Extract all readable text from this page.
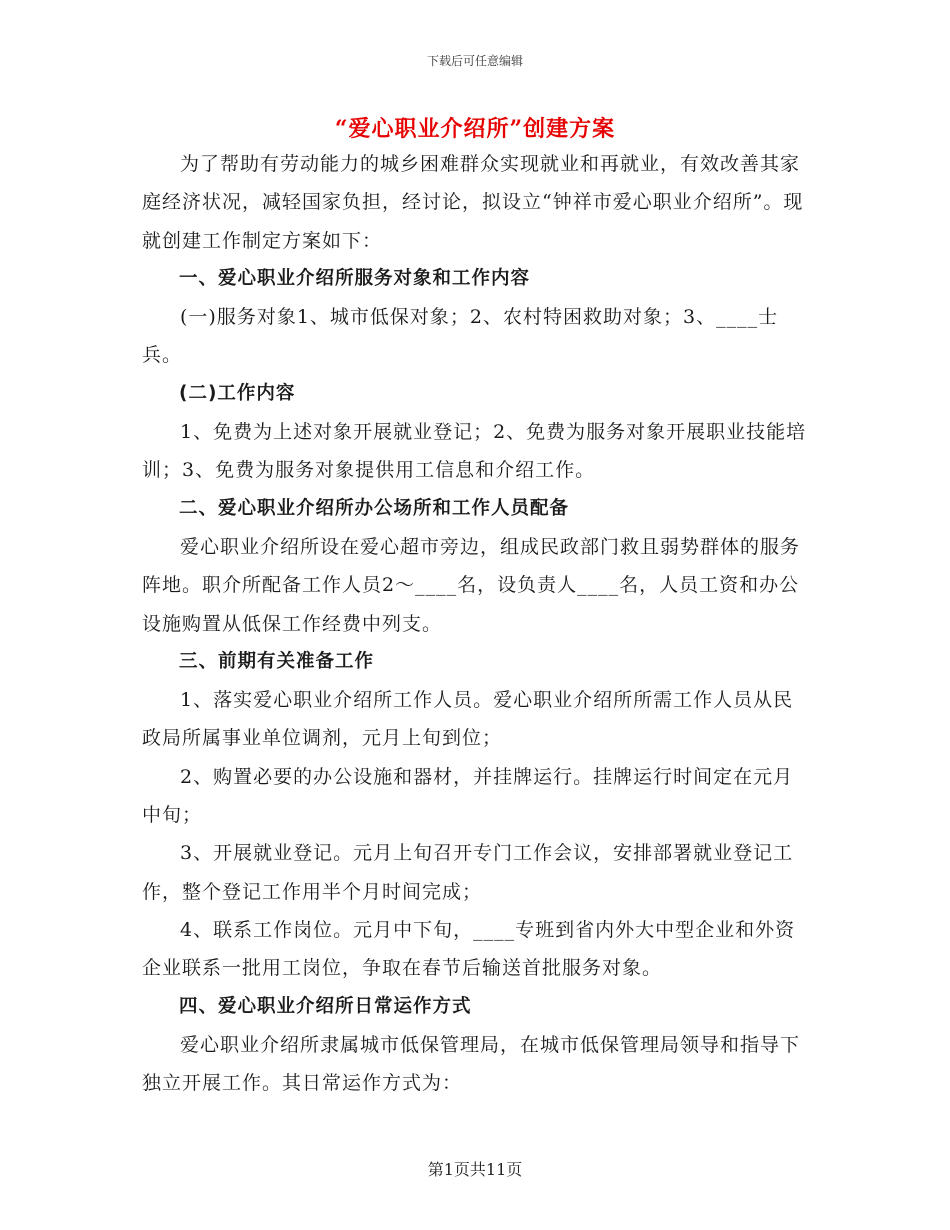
下载后可任意编辑
“爱心职业介绍所”创建方案

为了帮助有劳动能力的城乡困难群众实现就业和再就业，有效改善其家庭经济状况，减轻国家负担，经讨论，拟设立“钟祥市爱心职业介绍所”。现就创建工作制定方案如下：

一、爱心职业介绍所服务对象和工作内容

(一)服务对象1、城市低保对象；2、农村特困救助对象；3、____士兵。

(二)工作内容

1、免费为上述对象开展就业登记；2、免费为服务对象开展职业技能培训；3、免费为服务对象提供用工信息和介绍工作。

二、爱心职业介绍所办公场所和工作人员配备

爱心职业介绍所设在爱心超市旁边，组成民政部门救且弱势群体的服务阵地。职介所配备工作人员2～____名，设负责人____名，人员工资和办公设施购置从低保工作经费中列支。

三、前期有关准备工作

1、落实爱心职业介绍所工作人员。爱心职业介绍所所需工作人员从民政局所属事业单位调剂，元月上旬到位；

2、购置必要的办公设施和器材，并挂牌运行。挂牌运行时间定在元月中旬；

3、开展就业登记。元月上旬召开专门工作会议，安排部署就业登记工作，整个登记工作用半个月时间完成；

4、联系工作岗位。元月中下旬，____专班到省内外大中型企业和外资企业联系一批用工岗位，争取在春节后输送首批服务对象。

四、爱心职业介绍所日常运作方式

爱心职业介绍所隶属城市低保管理局，在城市低保管理局领导和指导下独立开展工作。其日常运作方式为：

第1页共11页
